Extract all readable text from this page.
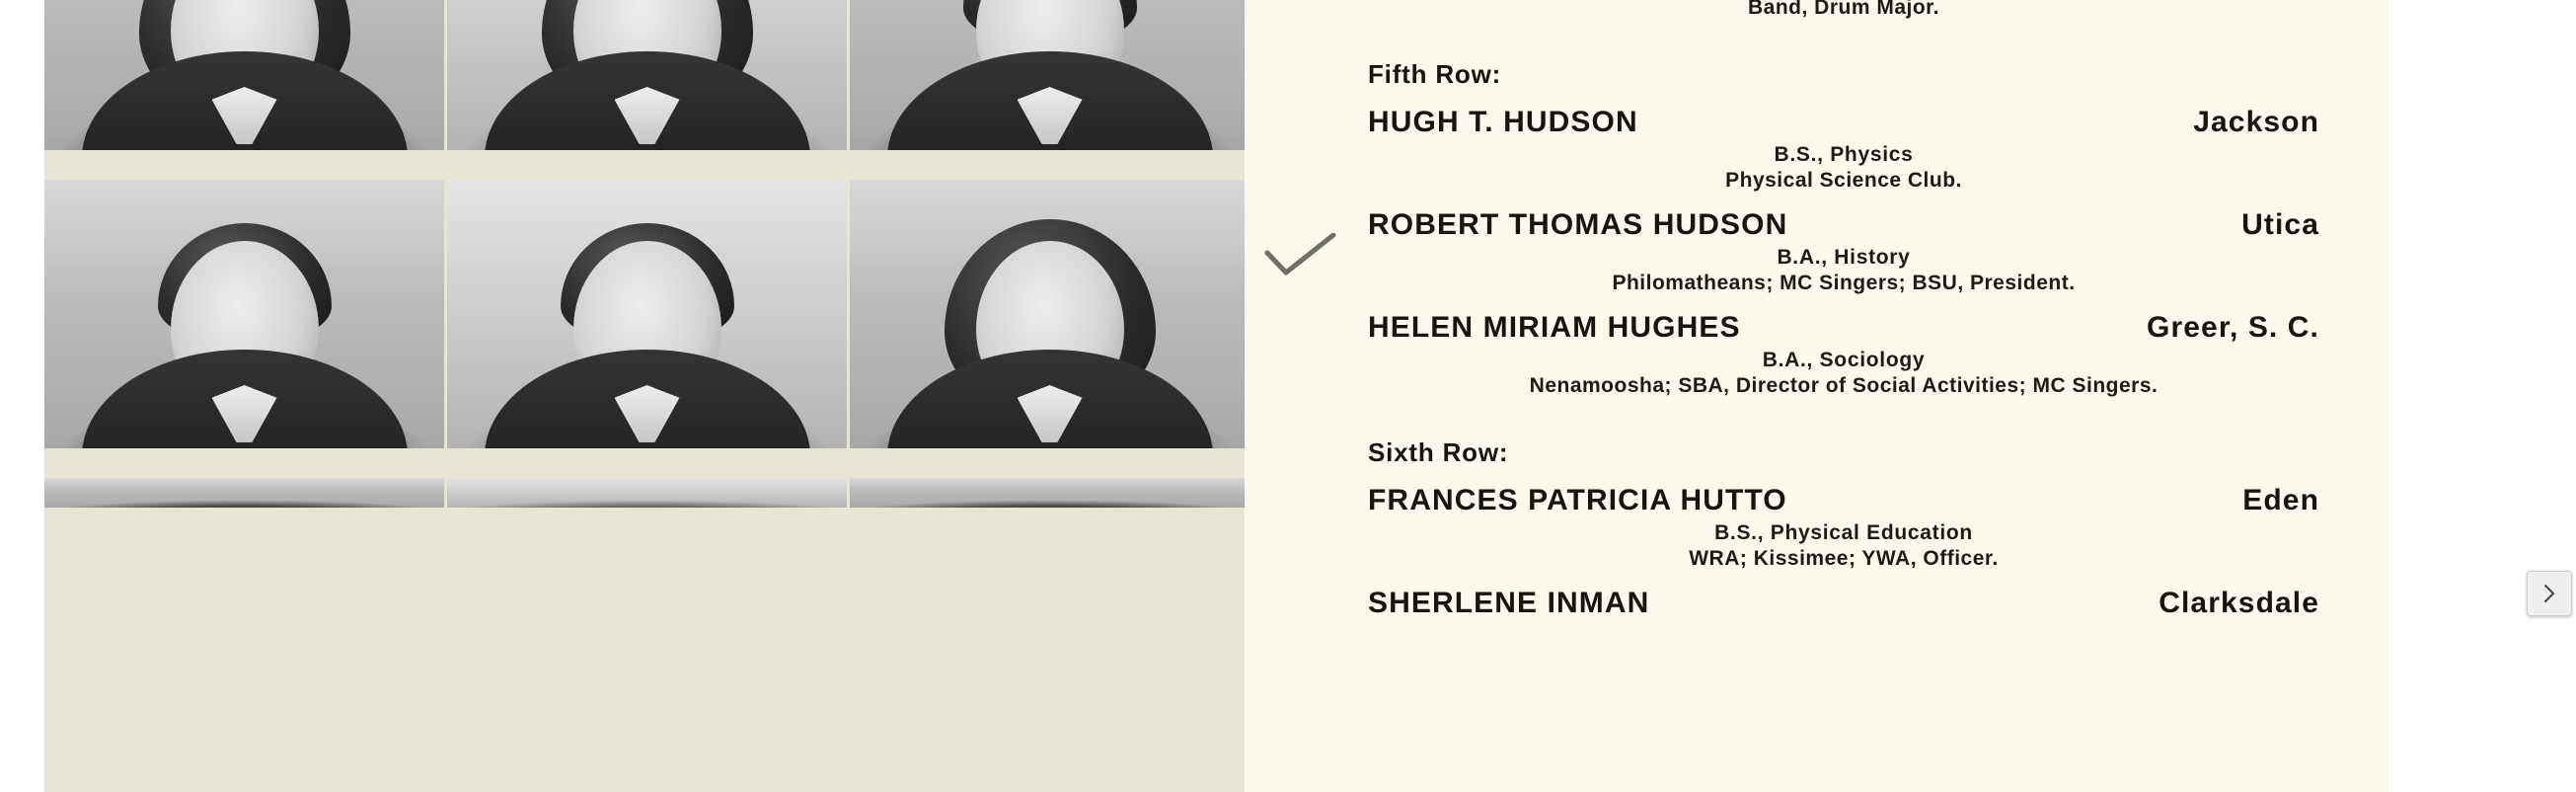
Band, Drum Major.
Fifth Row:
HUGH T. HUDSON	Jackson
B.S., Physics
Physical Science Club.
ROBERT THOMAS HUDSON	Utica
B.A., History
Philomatheans; MC Singers; BSU, President.
HELEN MIRIAM HUGHES	Greer, S. C.
B.A., Sociology
Nenamoosha; SBA, Director of Social Activities; MC Singers.
Sixth Row:
FRANCES PATRICIA HUTTO	Eden
B.S., Physical Education
WRA; Kissimee; YWA, Officer.
SHERLENE INMAN	Clarksdale
